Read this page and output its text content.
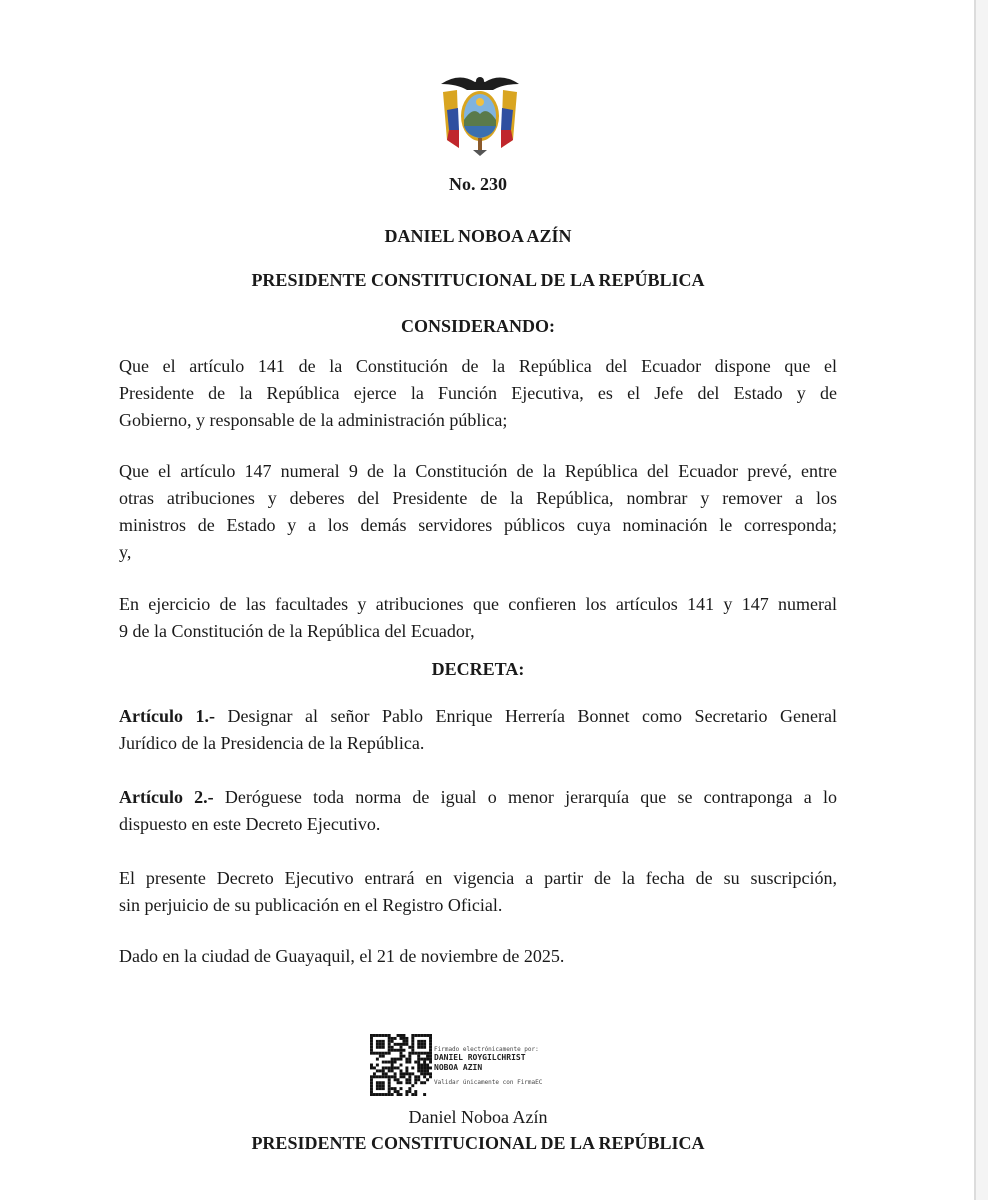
No. 230
DANIEL NOBOA AZÍN
PRESIDENTE CONSTITUCIONAL DE LA REPÚBLICA
CONSIDERANDO:
Que el artículo 141 de la Constitución de la República del Ecuador dispone que el
Presidente de la República ejerce la Función Ejecutiva, es el Jefe del Estado y de
Gobierno, y responsable de la administración pública;
Que el artículo 147 numeral 9 de la Constitución de la República del Ecuador prevé, entre
otras atribuciones y deberes del Presidente de la República, nombrar y remover a los
ministros de Estado y a los demás servidores públicos cuya nominación le corresponda;
y,
En ejercicio de las facultades y atribuciones que confieren los artículos 141 y 147 numeral
9 de la Constitución de la República del Ecuador,
DECRETA:
Artículo 1.- Designar al señor Pablo Enrique Herrería Bonnet como Secretario General
Jurídico de la Presidencia de la República.
Artículo 2.- Deróguese toda norma de igual o menor jerarquía que se contraponga a lo
dispuesto en este Decreto Ejecutivo.
El presente Decreto Ejecutivo entrará en vigencia a partir de la fecha de su suscripción,
sin perjuicio de su publicación en el Registro Oficial.
Dado en la ciudad de Guayaquil, el 21 de noviembre de 2025.
Firmado electrónicamente por:
DANIEL ROYGILCHRIST
NOBOA AZIN
Validar únicamente con FirmaEC
Daniel Noboa Azín
PRESIDENTE CONSTITUCIONAL DE LA REPÚBLICA
